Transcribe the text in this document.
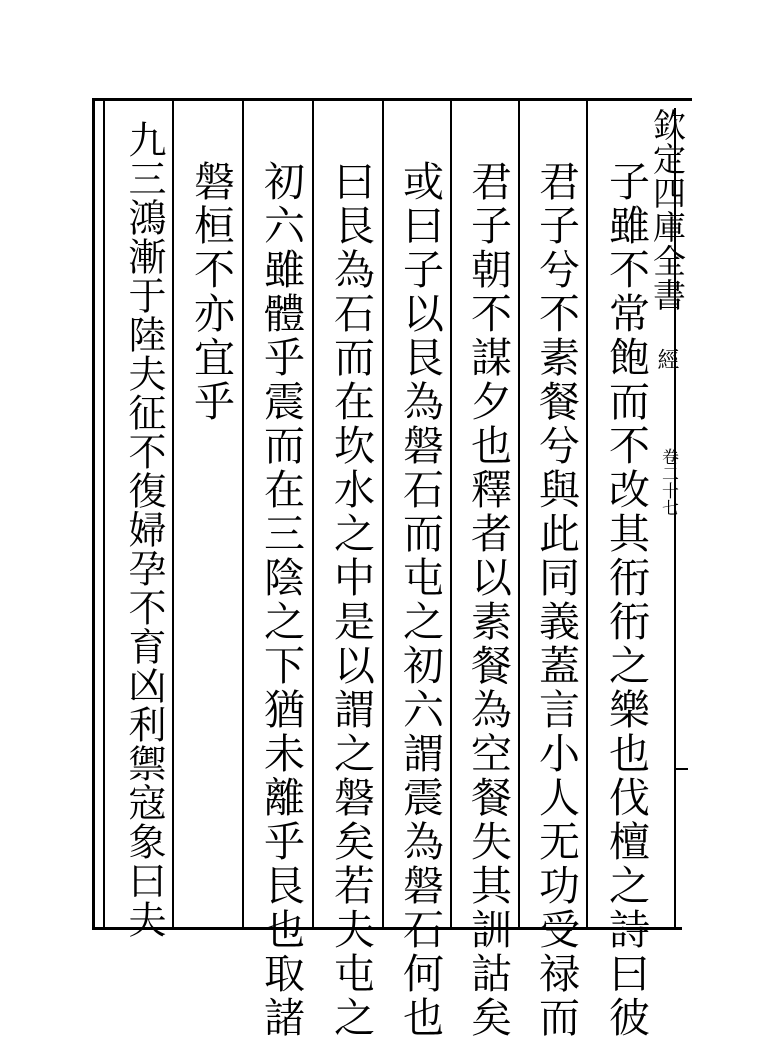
子雖不常飽而不改其衎衎之樂也伐檀之詩曰彼
君子兮不素餐兮與此同義蓋言小人无功受禄而
君子朝不謀夕也釋者以素餐為空餐失其訓詁矣
或曰子以艮為磐石而屯之初六謂震為磐石何也
曰艮為石而在坎水之中是以謂之磐矣若夫屯之
初六雖體乎震而在三陰之下猶未離乎艮也取諸
磐桓不亦宜乎
九三鴻漸于陸夫征不復婦孕不育凶利禦寇象曰夫	欽定四庫全書
經
卷二十七
